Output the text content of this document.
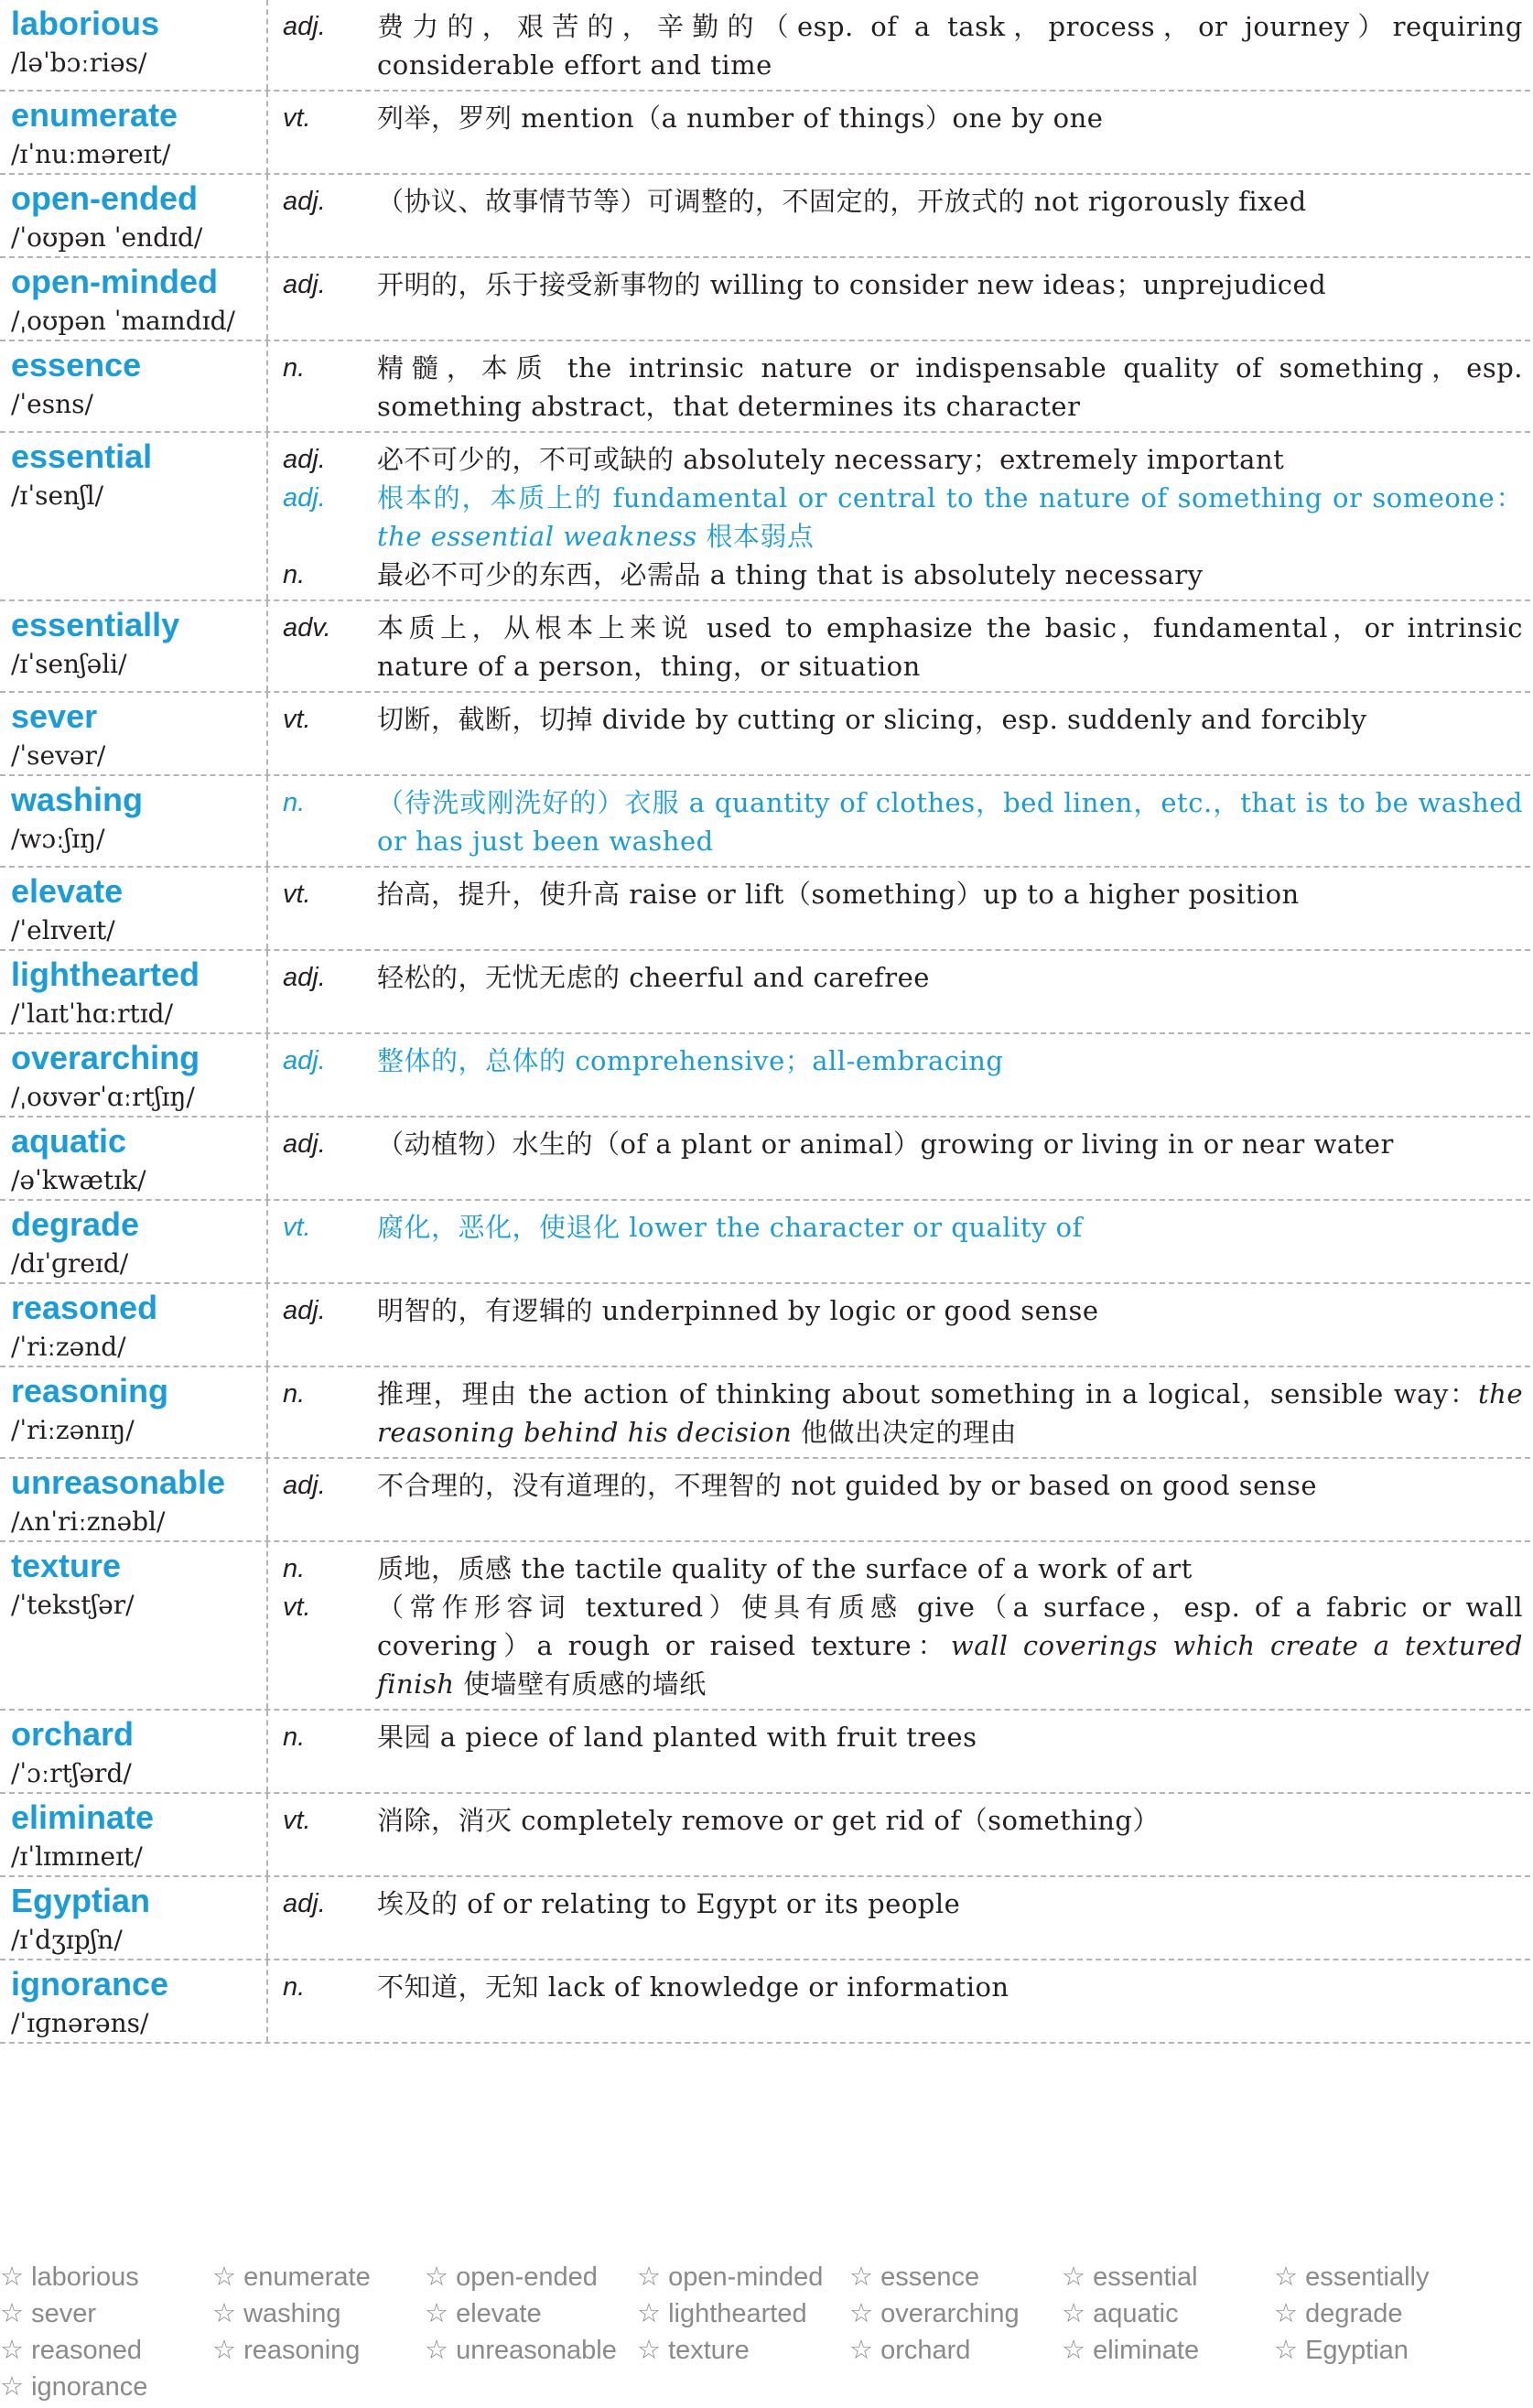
laborious
/ləˈbɔːriəs/
adj.	费力的，艰苦的，辛勤的（esp. of a task，process，or journey）requiring considerable effort and time
enumerate
/ɪˈnuːməreɪt/
vt.	列举，罗列 mention（a number of things）one by one
open-ended
/ˈoʊpən ˈendɪd/
adj.	（协议、故事情节等）可调整的，不固定的，开放式的 not rigorously fixed
open-minded
/ˌoʊpən ˈmaɪndɪd/
adj.	开明的，乐于接受新事物的 willing to consider new ideas；unprejudiced
essence
/ˈesns/
n.	精髓，本质 the intrinsic nature or indispensable quality of something，esp. something abstract，that determines its character
essential
/ɪˈsenʃl/
adj.	必不可少的，不可或缺的 absolutely necessary；extremely important
adj.	根本的，本质上的 fundamental or central to the nature of something or someone：the essential weakness 根本弱点
n.	最必不可少的东西，必需品 a thing that is absolutely necessary
essentially
/ɪˈsenʃəli/
adv.	本质上，从根本上来说 used to emphasize the basic，fundamental，or intrinsic nature of a person，thing，or situation
sever
/ˈsevər/
vt.	切断，截断，切掉 divide by cutting or slicing，esp. suddenly and forcibly
washing
/wɔːʃɪŋ/
n.	（待洗或刚洗好的）衣服 a quantity of clothes，bed linen，etc.，that is to be washed or has just been washed
elevate
/ˈelɪveɪt/
vt.	抬高，提升，使升高 raise or lift（something）up to a higher position
lighthearted
/ˈlaɪtˈhɑːrtɪd/
adj.	轻松的，无忧无虑的 cheerful and carefree
overarching
/ˌoʊvərˈɑːrtʃɪŋ/
adj.	整体的，总体的 comprehensive；all-embracing
aquatic
/əˈkwætɪk/
adj.	（动植物）水生的（of a plant or animal）growing or living in or near water
degrade
/dɪˈɡreɪd/
vt.	腐化，恶化，使退化 lower the character or quality of
reasoned
/ˈriːzənd/
adj.	明智的，有逻辑的 underpinned by logic or good sense
reasoning
/ˈriːzənɪŋ/
n.	推理，理由 the action of thinking about something in a logical，sensible way：the reasoning behind his decision 他做出决定的理由
unreasonable
/ʌnˈriːznəbl/
adj.	不合理的，没有道理的，不理智的 not guided by or based on good sense
texture
/ˈtekstʃər/
n.	质地，质感 the tactile quality of the surface of a work of art
vt.	（常作形容词 textured）使具有质感 give（a surface，esp. of a fabric or wall covering）a rough or raised texture：wall coverings which create a textured finish 使墙壁有质感的墙纸
orchard
/ˈɔːrtʃərd/
n.	果园 a piece of land planted with fruit trees
eliminate
/ɪˈlɪmɪneɪt/
vt.	消除，消灭 completely remove or get rid of（something）
Egyptian
/ɪˈdʒɪpʃn/
adj.	埃及的 of or relating to Egypt or its people
ignorance
/ˈɪɡnərəns/
n.	不知道，无知 lack of knowledge or information
☆ laborious	☆ enumerate	☆ open-ended	☆ open-minded ☆ essence	☆ essential	☆ essentially
☆ sever	☆ washing	☆ elevate	☆ lighthearted	☆ overarching	☆ aquatic	☆ degrade
☆ reasoned	☆ reasoning	☆ unreasonable ☆ texture	☆ orchard	☆ eliminate	☆ Egyptian
☆ ignorance
